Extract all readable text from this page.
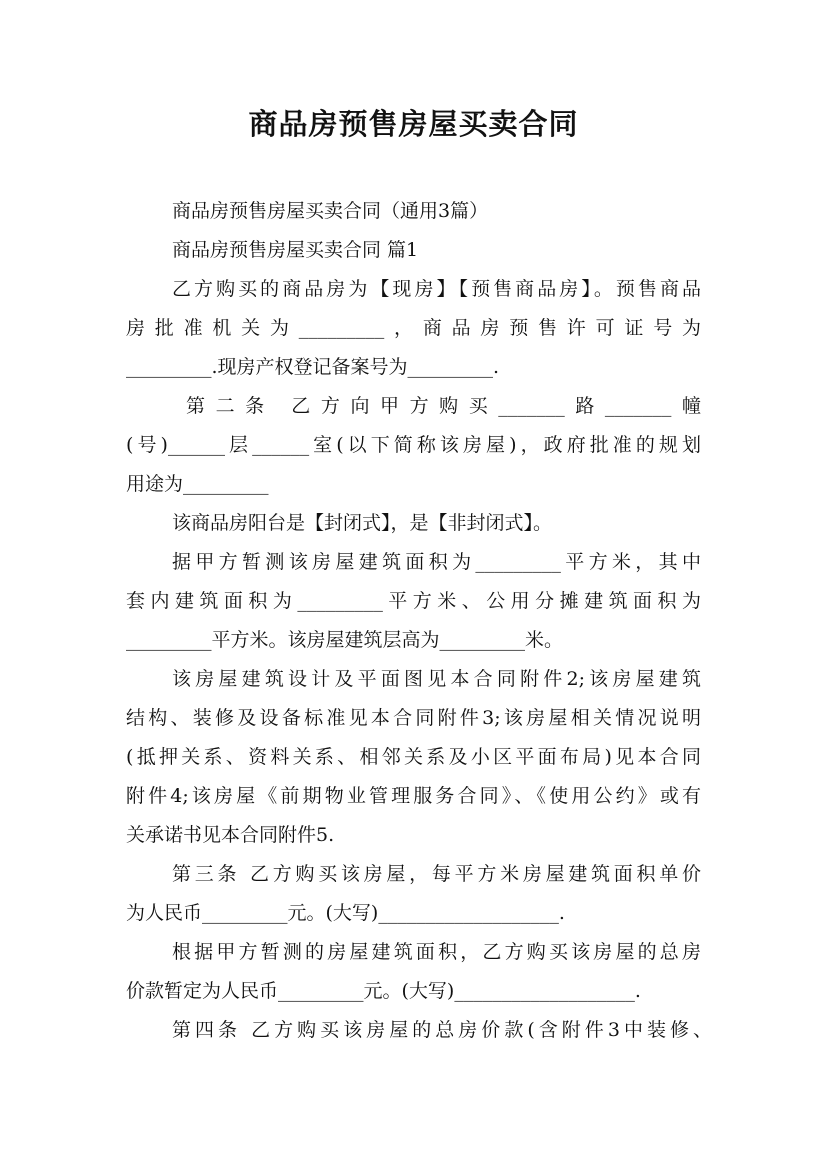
商品房预售房屋买卖合同
商品房预售房屋买卖合同（通用3篇）
商品房预售房屋买卖合同 篇1
乙方购买的商品房为【现房】【预售商品房】。预售商品
房批准机关为_________，商品房预售许可证号为
_________.现房产权登记备案号为_________.
第二条 乙方向甲方购买_______路_______幢
(号)______层______室(以下简称该房屋)，政府批准的规划
用途为_________
该商品房阳台是【封闭式】，是【非封闭式】。
据甲方暂测该房屋建筑面积为_________平方米，其中
套内建筑面积为_________平方米、公用分摊建筑面积为
_________平方米。该房屋建筑层高为_________米。
该房屋建筑设计及平面图见本合同附件2;该房屋建筑
结构、装修及设备标准见本合同附件3;该房屋相关情况说明
(抵押关系、资料关系、相邻关系及小区平面布局)见本合同
附件4;该房屋《前期物业管理服务合同》、《使用公约》或有
关承诺书见本合同附件5.
第三条 乙方购买该房屋，每平方米房屋建筑面积单价
为人民币_________元。(大写)___________________.
根据甲方暂测的房屋建筑面积，乙方购买该房屋的总房
价款暂定为人民币_________元。(大写)___________________.
第四条 乙方购买该房屋的总房价款(含附件3中装修、
